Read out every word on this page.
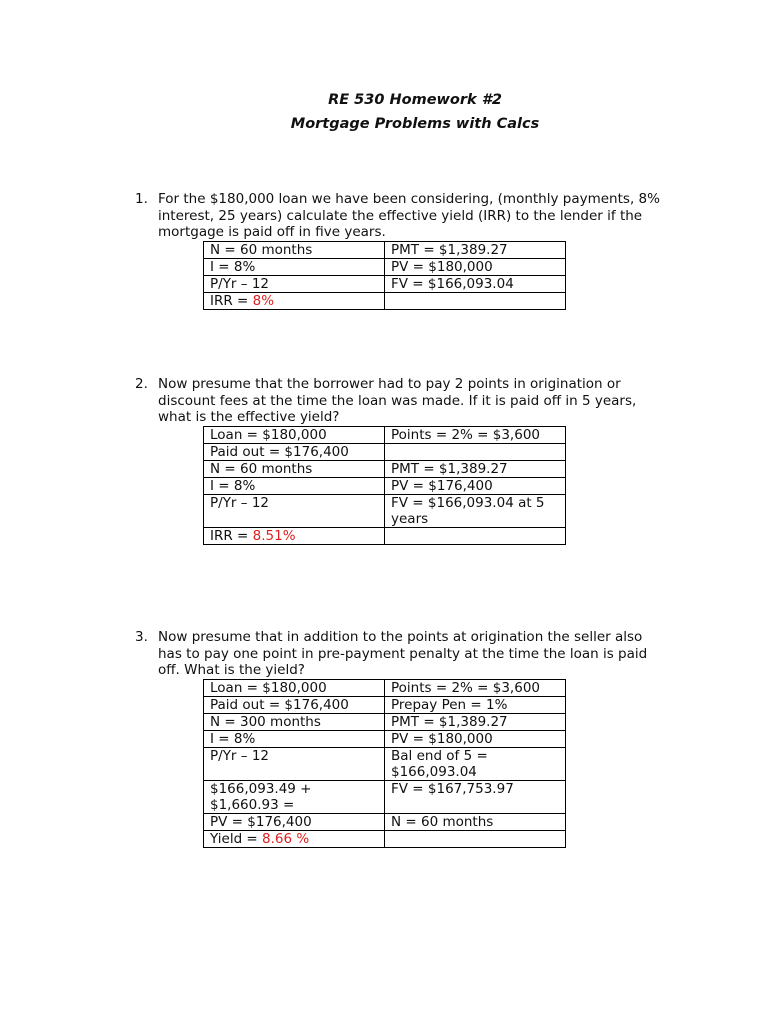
RE 530 Homework #2
Mortgage Problems with Calcs
1. For the $180,000 loan we have been considering, (monthly payments, 8% interest, 25 years) calculate the effective yield (IRR) to the lender if the mortgage is paid off in five years.
N = 60 months	PMT = $1,389.27
I = 8%	PV = $180,000
P/Yr – 12	FV = $166,093.04
IRR = 8%	
2. Now presume that the borrower had to pay 2 points in origination or discount fees at the time the loan was made. If it is paid off in 5 years, what is the effective yield?
Loan = $180,000	Points = 2% = $3,600
Paid out = $176,400	
N = 60 months	PMT = $1,389.27
I = 8%	PV = $176,400
P/Yr – 12	FV = $166,093.04 at 5 years
IRR = 8.51%	
3. Now presume that in addition to the points at origination the seller also has to pay one point in pre-payment penalty at the time the loan is paid off. What is the yield?
Loan = $180,000	Points = 2% = $3,600
Paid out = $176,400	Prepay Pen = 1%
N = 300 months	PMT = $1,389.27
I = 8%	PV = $180,000
P/Yr – 12	Bal end of 5 = $166,093.04
$166,093.49 + $1,660.93 =	FV = $167,753.97
PV = $176,400	N = 60 months
Yield = 8.66 %	
